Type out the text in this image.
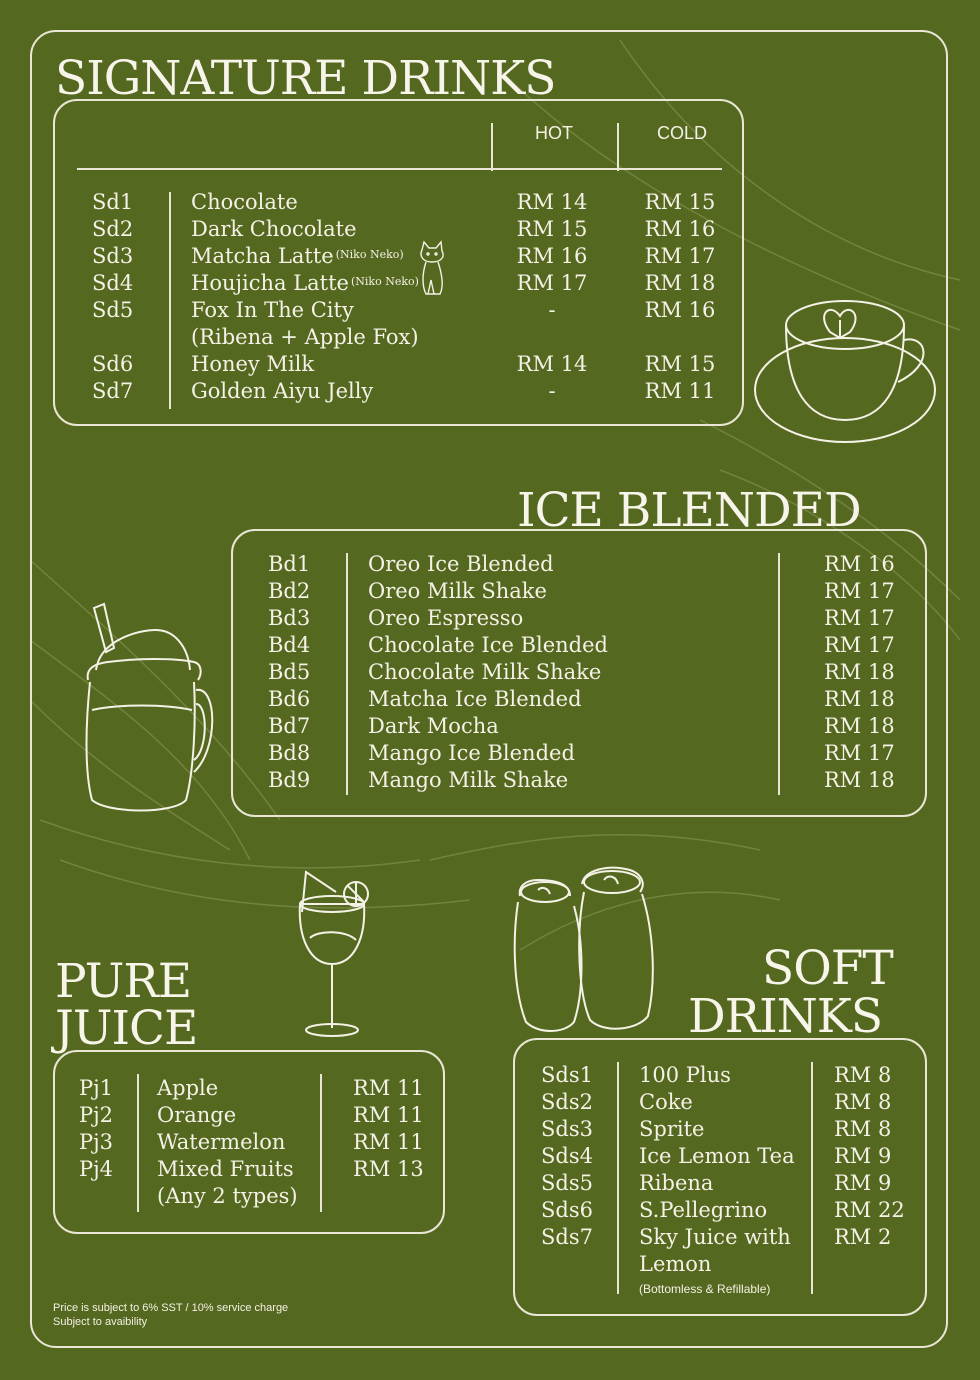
SIGNATURE DRINKS
HOT	COLD
Sd1	Chocolate	RM 14	RM 15
Sd2	Dark Chocolate	RM 15	RM 16
Sd3	Matcha Latte $^{(Niko Neko)}$	RM 16	RM 17
Sd4	Houjicha Latte $^{(Niko Neko)}$	RM 17	RM 18
Sd5	Fox In The City	-	RM 16
(Ribena + Apple Fox)
Sd6	Honey Milk	RM 14	RM 15
Sd7	Golden Aiyu Jelly	-	RM 11
ICE BLENDED
Bd1	Oreo Ice Blended	RM 16
Bd2	Oreo Milk Shake	RM 17
Bd3	Oreo Espresso	RM 17
Bd4	Chocolate Ice Blended	RM 17
Bd5	Chocolate Milk Shake	RM 18
Bd6	Matcha Ice Blended	RM 18
Bd7	Dark Mocha	RM 18
Bd8	Mango Ice Blended	RM 17
Bd9	Mango Milk Shake	RM 18
PURE
JUICE
Pj1 Apple	RM 11
Pj2 Orange	RM 11
Pj3 Watermelon	RM 11
Pj4 Mixed Fruits	RM 13
(Any 2 types)
SOFT
DRINKS
Sds1 100 Plus	RM 8
Sds2 Coke	RM 8
Sds3 Sprite	RM 8
Sds4 Ice Lemon Tea RM 9
Sds5 Ribena	RM 9
Sds6 S.Pellegrino	RM 22
Sds7 Sky Juice with RM 2
Lemon
(Bottomless & Refillable)
Price is subject to 6% SST / 10% service charge
Subject to avaibility
